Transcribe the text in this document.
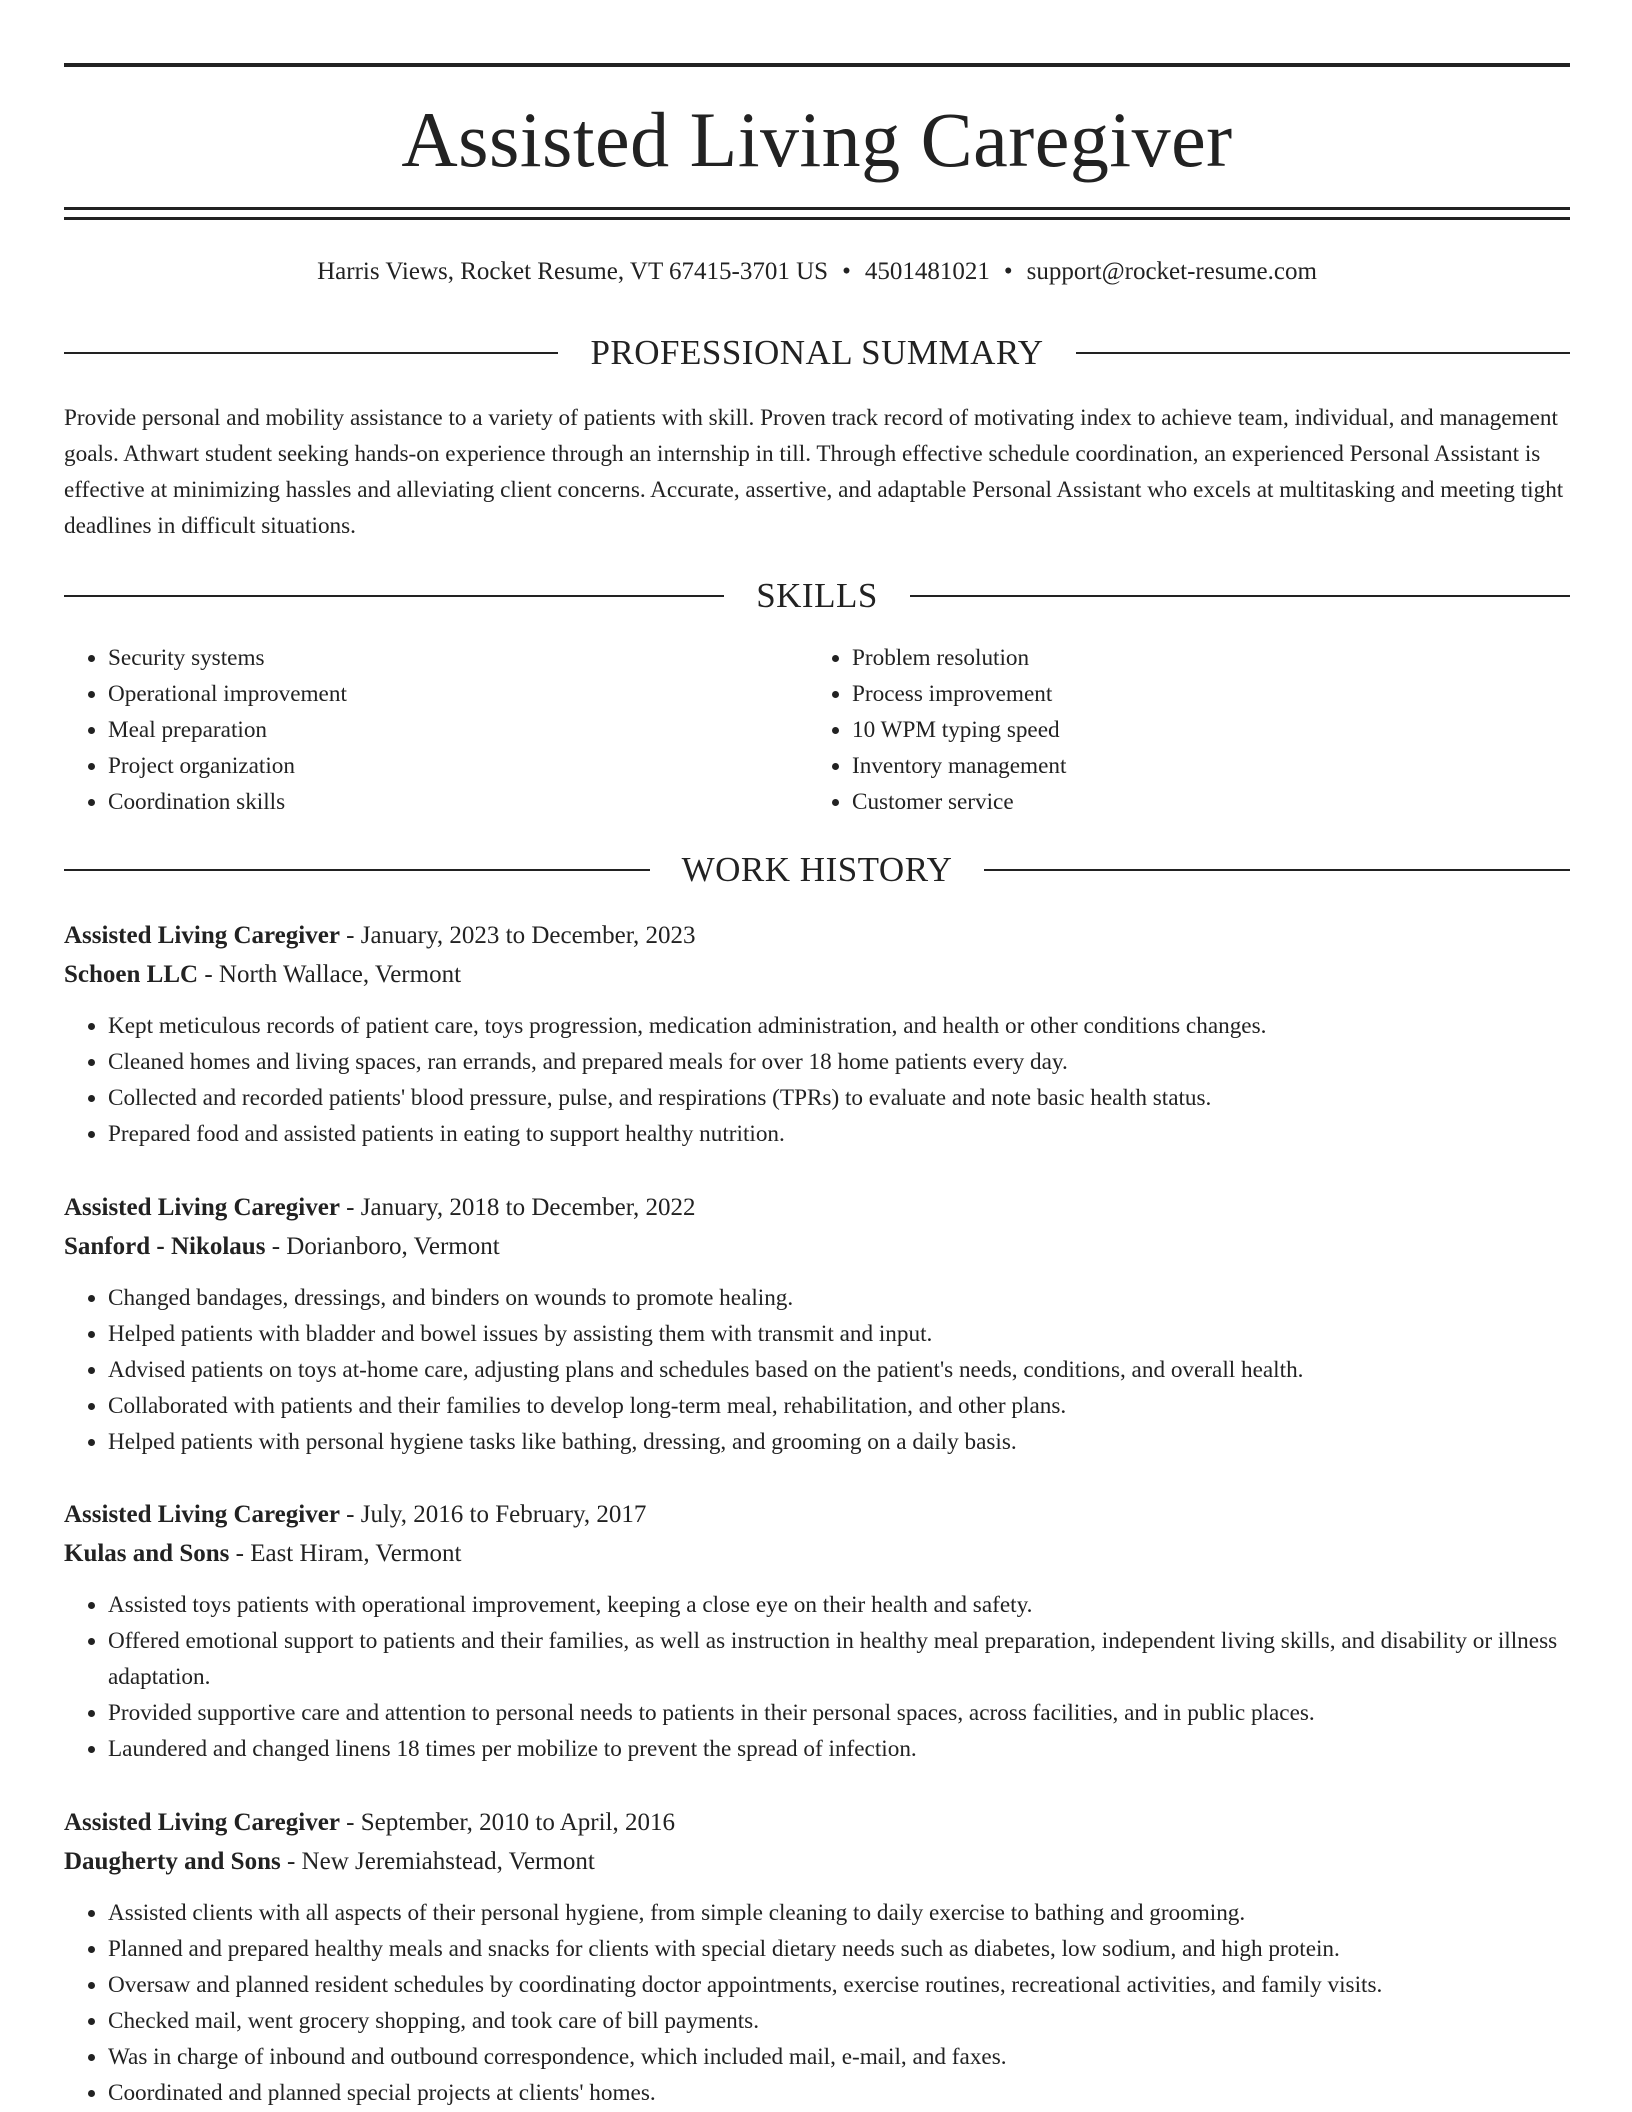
Assisted Living Caregiver
Harris Views, Rocket Resume, VT 67415-3701 US • 4501481021 • support@rocket-resume.com
PROFESSIONAL SUMMARY
Provide personal and mobility assistance to a variety of patients with skill. Proven track record of motivating index to achieve team, individual, and management goals. Athwart student seeking hands-on experience through an internship in till. Through effective schedule coordination, an experienced Personal Assistant is effective at minimizing hassles and alleviating client concerns. Accurate, assertive, and adaptable Personal Assistant who excels at multitasking and meeting tight deadlines in difficult situations.
SKILLS
• Security systems
• Operational improvement
• Meal preparation
• Project organization
• Coordination skills
• Problem resolution
• Process improvement
• 10 WPM typing speed
• Inventory management
• Customer service
WORK HISTORY
Assisted Living Caregiver - January, 2023 to December, 2023
Schoen LLC - North Wallace, Vermont
• Kept meticulous records of patient care, toys progression, medication administration, and health or other conditions changes.
• Cleaned homes and living spaces, ran errands, and prepared meals for over 18 home patients every day.
• Collected and recorded patients' blood pressure, pulse, and respirations (TPRs) to evaluate and note basic health status.
• Prepared food and assisted patients in eating to support healthy nutrition.
Assisted Living Caregiver - January, 2018 to December, 2022
Sanford - Nikolaus - Dorianboro, Vermont
• Changed bandages, dressings, and binders on wounds to promote healing.
• Helped patients with bladder and bowel issues by assisting them with transmit and input.
• Advised patients on toys at-home care, adjusting plans and schedules based on the patient's needs, conditions, and overall health.
• Collaborated with patients and their families to develop long-term meal, rehabilitation, and other plans.
• Helped patients with personal hygiene tasks like bathing, dressing, and grooming on a daily basis.
Assisted Living Caregiver - July, 2016 to February, 2017
Kulas and Sons - East Hiram, Vermont
• Assisted toys patients with operational improvement, keeping a close eye on their health and safety.
• Offered emotional support to patients and their families, as well as instruction in healthy meal preparation, independent living skills, and disability or illness adaptation.
• Provided supportive care and attention to personal needs to patients in their personal spaces, across facilities, and in public places.
• Laundered and changed linens 18 times per mobilize to prevent the spread of infection.
Assisted Living Caregiver - September, 2010 to April, 2016
Daugherty and Sons - New Jeremiahstead, Vermont
• Assisted clients with all aspects of their personal hygiene, from simple cleaning to daily exercise to bathing and grooming.
• Planned and prepared healthy meals and snacks for clients with special dietary needs such as diabetes, low sodium, and high protein.
• Oversaw and planned resident schedules by coordinating doctor appointments, exercise routines, recreational activities, and family visits.
• Checked mail, went grocery shopping, and took care of bill payments.
• Was in charge of inbound and outbound correspondence, which included mail, e-mail, and faxes.
• Coordinated and planned special projects at clients' homes.
